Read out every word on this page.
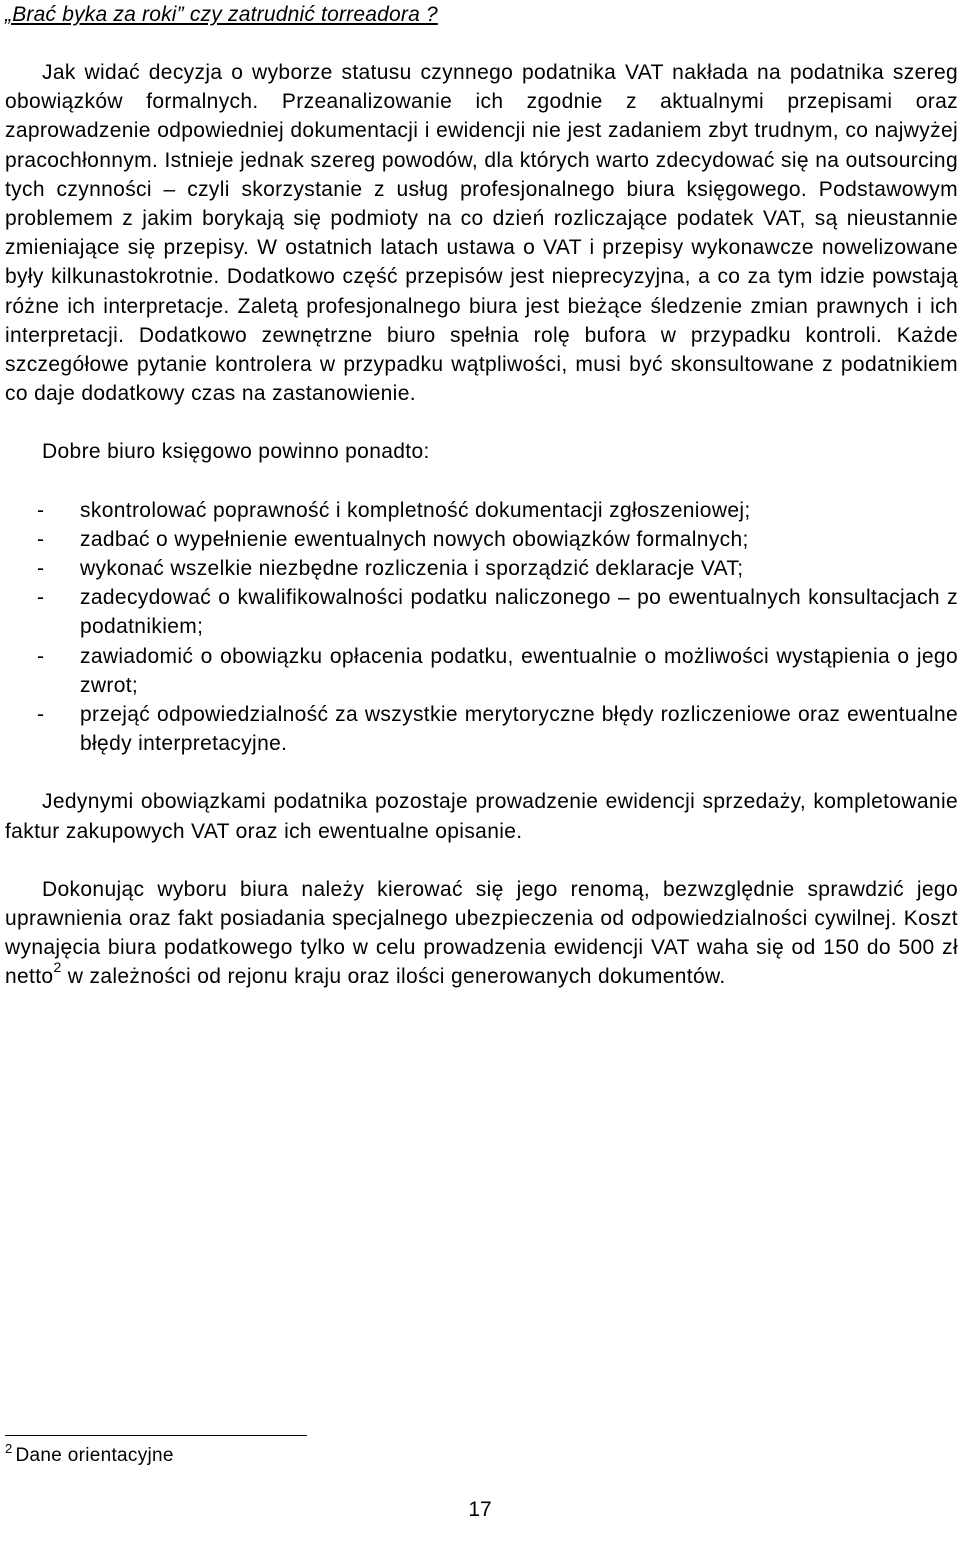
„Brać byka za roki” czy zatrudnić torreadora ?

Jak widać decyzja o wyborze statusu czynnego podatnika VAT nakłada na podatnika szereg obowiązków formalnych. Przeanalizowanie ich zgodnie z aktualnymi przepisami oraz zaprowadzenie odpowiedniej dokumentacji i ewidencji nie jest zadaniem zbyt trudnym, co najwyżej pracochłonnym. Istnieje jednak szereg powodów, dla których warto zdecydować się na outsourcing tych czynności – czyli skorzystanie z usług profesjonalnego biura księgowego. Podstawowym problemem z jakim borykają się podmioty na co dzień rozliczające podatek VAT, są nieustannie zmieniające się przepisy. W ostatnich latach ustawa o VAT i przepisy wykonawcze nowelizowane były kilkunastokrotnie. Dodatkowo część przepisów jest nieprecyzyjna, a co za tym idzie powstają różne ich interpretacje. Zaletą profesjonalnego biura jest bieżące śledzenie zmian prawnych i ich interpretacji. Dodatkowo zewnętrzne biuro spełnia rolę bufora w przypadku kontroli. Każde szczegółowe pytanie kontrolera w przypadku wątpliwości, musi być skonsultowane z podatnikiem co daje dodatkowy czas na zastanowienie.

Dobre biuro księgowo powinno ponadto:

- skontrolować poprawność i kompletność dokumentacji zgłoszeniowej;
- zadbać o wypełnienie ewentualnych nowych obowiązków formalnych;
- wykonać wszelkie niezbędne rozliczenia i sporządzić deklaracje VAT;
- zadecydować o kwalifikowalności podatku naliczonego – po ewentualnych konsultacjach z podatnikiem;
- zawiadomić o obowiązku opłacenia podatku, ewentualnie o możliwości wystąpienia o jego zwrot;
- przejąć odpowiedzialność za wszystkie merytoryczne błędy rozliczeniowe oraz ewentualne błędy interpretacyjne.

Jedynymi obowiązkami podatnika pozostaje prowadzenie ewidencji sprzedaży, kompletowanie faktur zakupowych VAT oraz ich ewentualne opisanie.

Dokonując wyboru biura należy kierować się jego renomą, bezwzględnie sprawdzić jego uprawnienia oraz fakt posiadania specjalnego ubezpieczenia od odpowiedzialności cywilnej. Koszt wynajęcia biura podatkowego tylko w celu prowadzenia ewidencji VAT waha się od 150 do 500 zł netto$^2$ w zależności od rejonu kraju oraz ilości generowanych dokumentów.

$^2$ Dane orientacyjne
17
